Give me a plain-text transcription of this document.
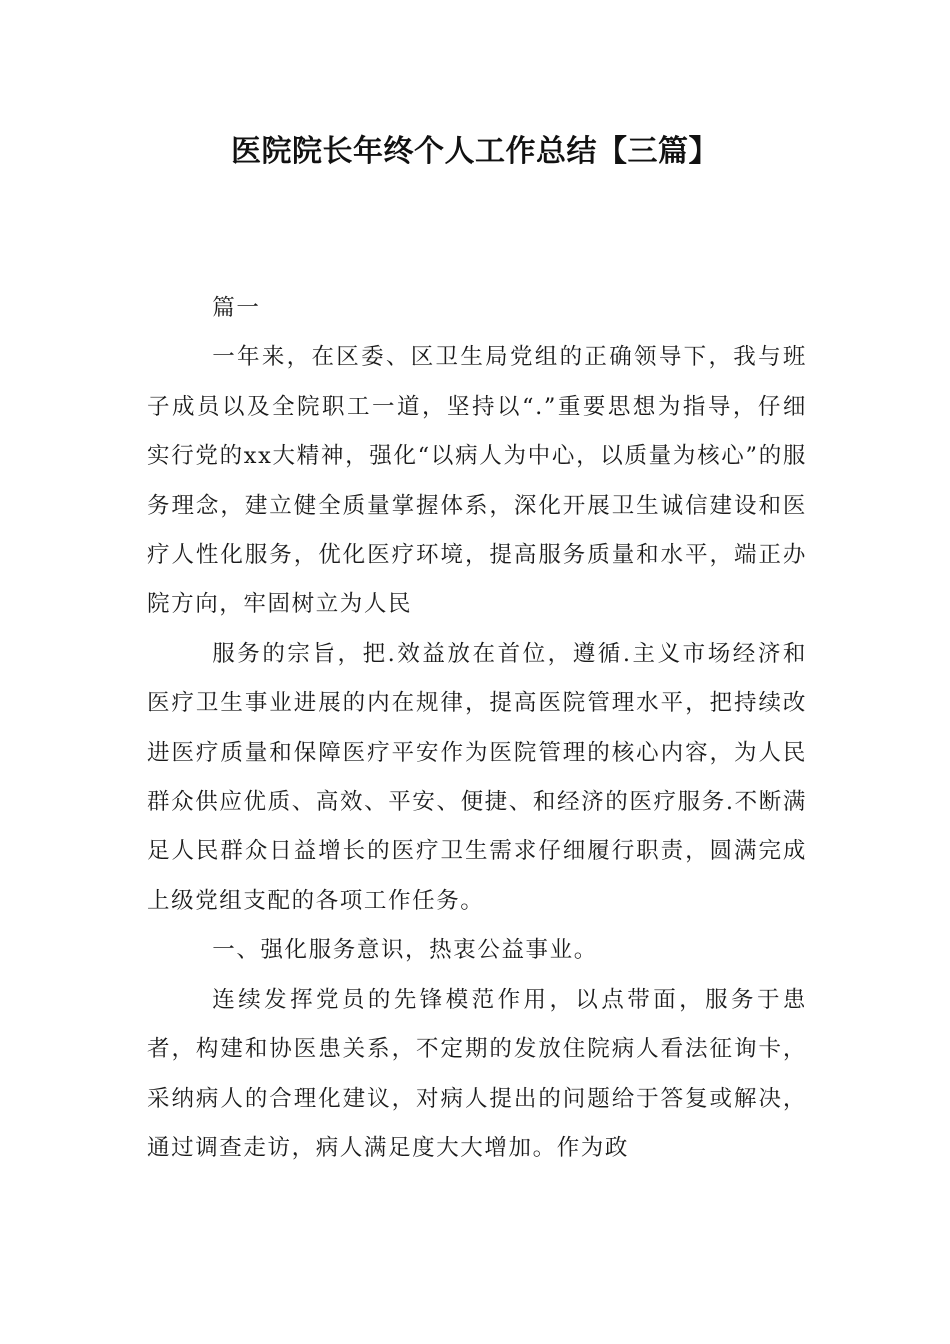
医院院长年终个人工作总结【三篇】

篇一

一年来，在区委、区卫生局党组的正确领导下，我与班子成员以及全院职工一道，坚持以“.”重要思想为指导，仔细实行党的xx大精神，强化“以病人为中心，以质量为核心”的服务理念，建立健全质量掌握体系，深化开展卫生诚信建设和医疗人性化服务，优化医疗环境，提高服务质量和水平，端正办院方向，牢固树立为人民

服务的宗旨，把.效益放在首位，遵循.主义市场经济和医疗卫生事业进展的内在规律，提高医院管理水平，把持续改进医疗质量和保障医疗平安作为医院管理的核心内容，为人民群众供应优质、高效、平安、便捷、和经济的医疗服务.不断满足人民群众日益增长的医疗卫生需求仔细履行职责，圆满完成上级党组支配的各项工作任务。

一、强化服务意识，热衷公益事业。

连续发挥党员的先锋模范作用，以点带面，服务于患者，构建和协医患关系，不定期的发放住院病人看法征询卡，采纳病人的合理化建议，对病人提出的问题给于答复或解决，通过调查走访，病人满足度大大增加。作为政
